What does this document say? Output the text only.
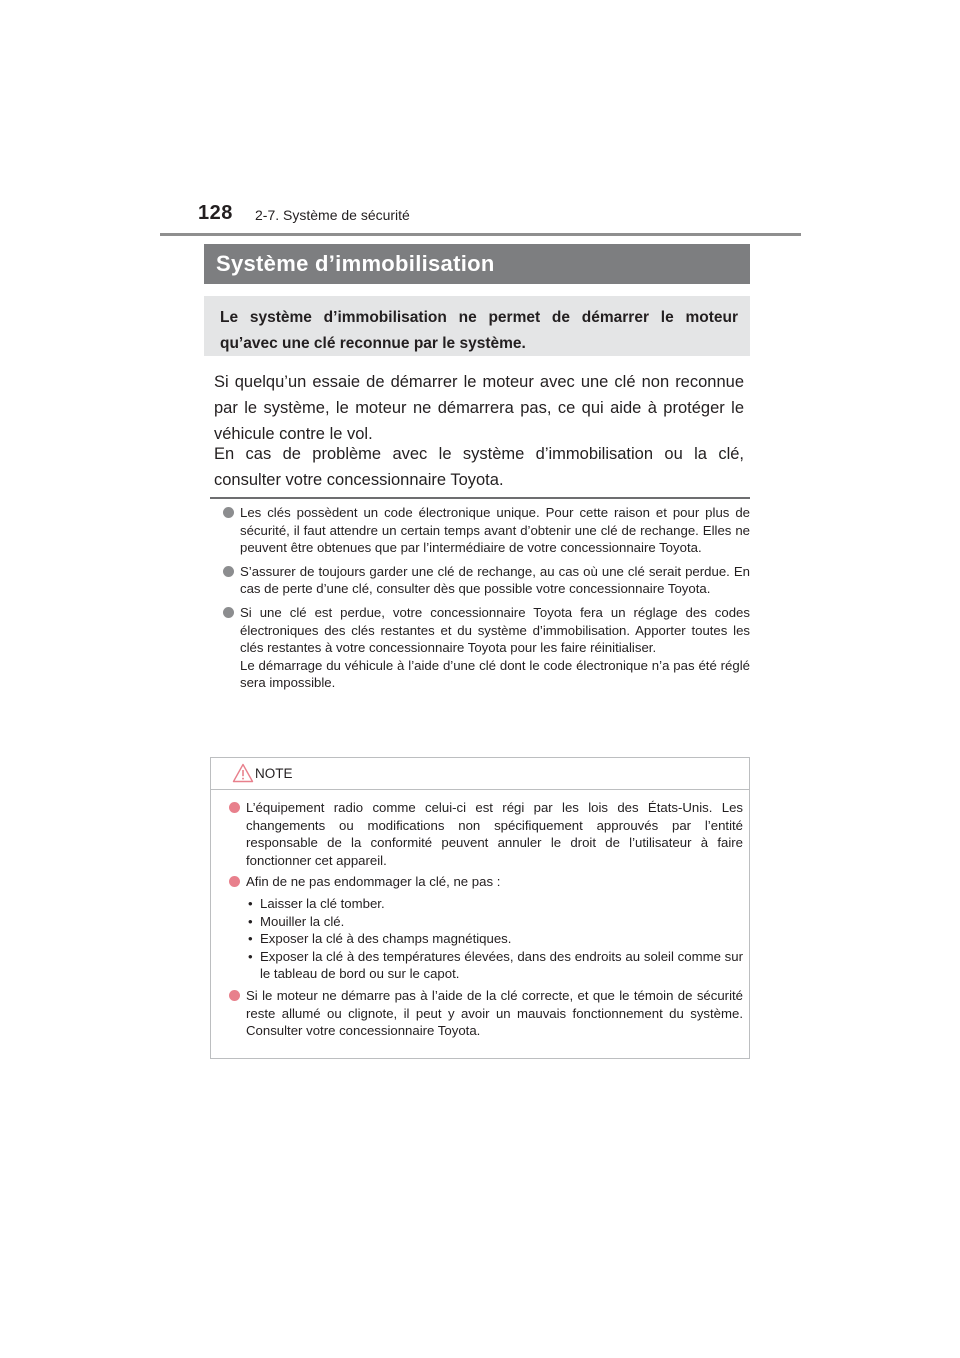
128 2-7. Système de sécurité
Système d’immobilisation
Le système d’immobilisation ne permet de démarrer le moteur qu’avec une clé reconnue par le système.
Si quelqu’un essaie de démarrer le moteur avec une clé non reconnue par le système, le moteur ne démarrera pas, ce qui aide à protéger le véhicule contre le vol.
En cas de problème avec le système d’immobilisation ou la clé, consulter votre concessionnaire Toyota.
Les clés possèdent un code électronique unique. Pour cette raison et pour plus de sécurité, il faut attendre un certain temps avant d’obtenir une clé de rechange. Elles ne peuvent être obtenues que par l’intermédiaire de votre concessionnaire Toyota.
S’assurer de toujours garder une clé de rechange, au cas où une clé serait perdue. En cas de perte d’une clé, consulter dès que possible votre concessionnaire Toyota.
Si une clé est perdue, votre concessionnaire Toyota fera un réglage des codes électroniques des clés restantes et du système d’immobilisation. Apporter toutes les clés restantes à votre concessionnaire Toyota pour les faire réinitialiser.
Le démarrage du véhicule à l’aide d’une clé dont le code électronique n’a pas été réglé sera impossible.
NOTE
L’équipement radio comme celui-ci est régi par les lois des États-Unis. Les changements ou modifications non spécifiquement approuvés par l’entité responsable de la conformité peuvent annuler le droit de l’utilisateur à faire fonctionner cet appareil.
Afin de ne pas endommager la clé, ne pas :
• Laisser la clé tomber.
• Mouiller la clé.
• Exposer la clé à des champs magnétiques.
• Exposer la clé à des températures élevées, dans des endroits au soleil comme sur le tableau de bord ou sur le capot.
Si le moteur ne démarre pas à l’aide de la clé correcte, et que le témoin de sécurité reste allumé ou clignote, il peut y avoir un mauvais fonctionnement du système. Consulter votre concessionnaire Toyota.
